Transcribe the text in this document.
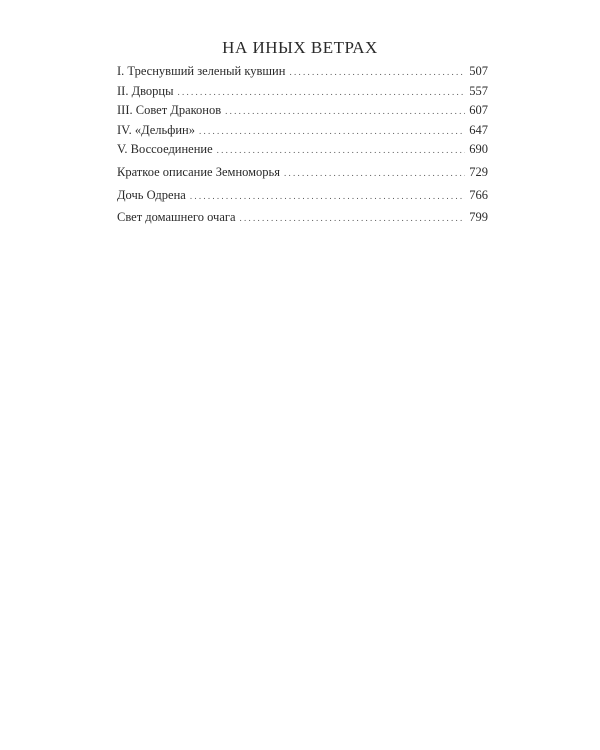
НА ИНЫХ ВЕТРАХ
I. Треснувший зеленый кувшин . . .	507
II. Дворцы . . .	557
III. Совет Драконов . . .	607
IV. «Дельфин» . . .	647
V. Воссоединение . . .	690
Краткое описание Земноморья . . .	729
Дочь Одрена . . .	766
Свет домашнего очага . . .	799
